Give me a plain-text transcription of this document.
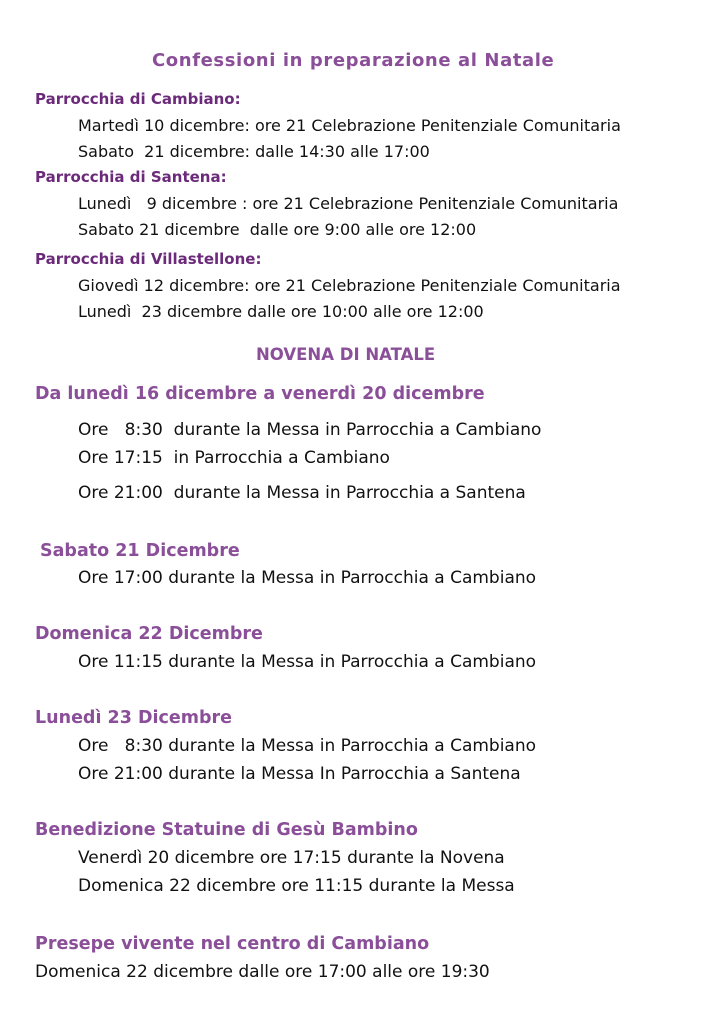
Confessioni in preparazione al Natale
Parrocchia di Cambiano:
Martedì 10 dicembre: ore 21 Celebrazione Penitenziale Comunitaria
Sabato  21 dicembre: dalle 14:30 alle 17:00
Parrocchia di Santena:
Lunedì   9 dicembre : ore 21 Celebrazione Penitenziale Comunitaria
Sabato 21 dicembre  dalle ore 9:00 alle ore 12:00
Parrocchia di Villastellone:
Giovedì 12 dicembre: ore 21 Celebrazione Penitenziale Comunitaria
Lunedì  23 dicembre dalle ore 10:00 alle ore 12:00
NOVENA DI NATALE
Da lunedì 16 dicembre a venerdì 20 dicembre
Ore   8:30  durante la Messa in Parrocchia a Cambiano
Ore 17:15  in Parrocchia a Cambiano
Ore 21:00  durante la Messa in Parrocchia a Santena
Sabato 21 Dicembre
Ore 17:00 durante la Messa in Parrocchia a Cambiano
Domenica 22 Dicembre
Ore 11:15 durante la Messa in Parrocchia a Cambiano
Lunedì 23 Dicembre
Ore   8:30 durante la Messa in Parrocchia a Cambiano
Ore 21:00 durante la Messa In Parrocchia a Santena
Benedizione Statuine di Gesù Bambino
Venerdì 20 dicembre ore 17:15 durante la Novena
Domenica 22 dicembre ore 11:15 durante la Messa
Presepe vivente nel centro di Cambiano
Domenica 22 dicembre dalle ore 17:00 alle ore 19:30
